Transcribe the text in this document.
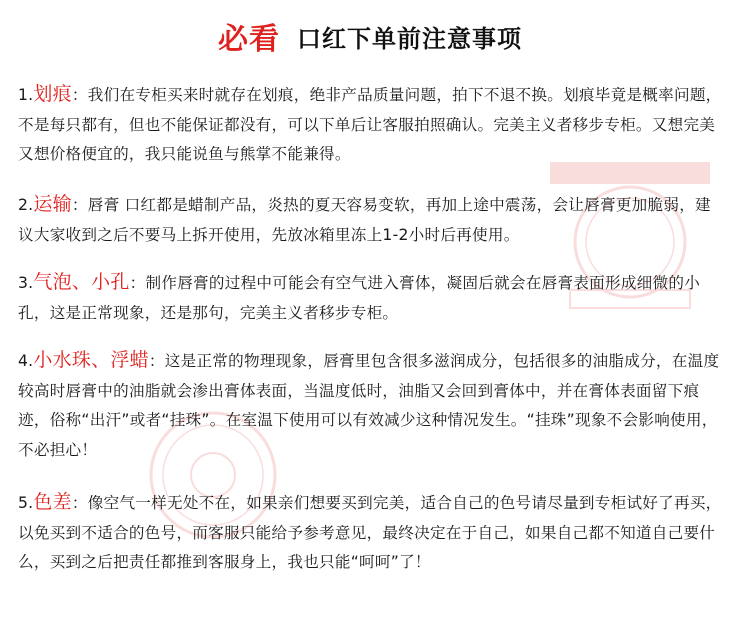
必看 口红下单前注意事项

1.划痕：我们在专柜买来时就存在划痕，绝非产品质量问题，拍下不退不换。划痕毕竟是概率问题，不是每只都有，但也不能保证都没有，可以下单后让客服拍照确认。完美主义者移步专柜。又想完美又想价格便宜的，我只能说鱼与熊掌不能兼得。

2.运输：唇膏 口红都是蜡制产品，炎热的夏天容易变软，再加上途中震荡，会让唇膏更加脆弱，建议大家收到之后不要马上拆开使用，先放冰箱里冻上1-2小时后再使用。

3.气泡、小孔：制作唇膏的过程中可能会有空气进入膏体，凝固后就会在唇膏表面形成细微的小孔，这是正常现象，还是那句，完美主义者移步专柜。

4.小水珠、浮蜡：这是正常的物理现象，唇膏里包含很多滋润成分，包括很多的油脂成分，在温度较高时唇膏中的油脂就会渗出膏体表面，当温度低时，油脂又会回到膏体中，并在膏体表面留下痕迹，俗称“出汗”或者“挂珠”。在室温下使用可以有效减少这种情况发生。“挂珠”现象不会影响使用，不必担心！

5.色差：像空气一样无处不在，如果亲们想要买到完美，适合自己的色号请尽量到专柜试好了再买，以免买到不适合的色号，而客服只能给予参考意见，最终决定在于自己，如果自己都不知道自己要什么，买到之后把责任都推到客服身上，我也只能“呵呵”了！
